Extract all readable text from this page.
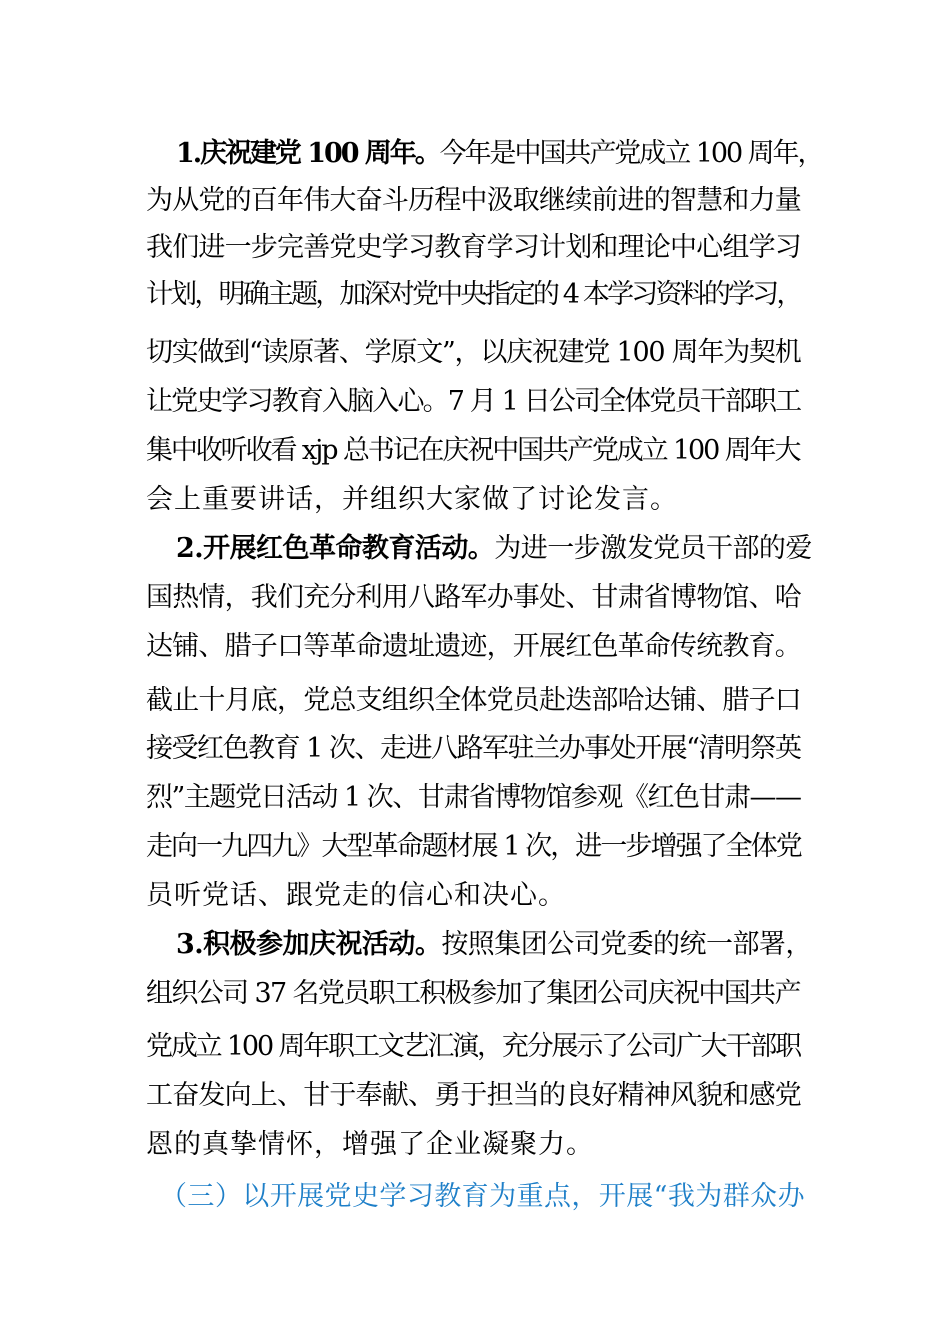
1.庆祝建党 100 周年。今年是中国共产党成立 100 周年，
为从党的百年伟大奋斗历程中汲取继续前进的智慧和力量
我们进一步完善党史学习教育学习计划和理论中心组学习
计划，明确主题，加深对党中央指定的 4 本学习资料的学习，
切实做到“读原著、学原文”，以庆祝建党 100 周年为契机
让党史学习教育入脑入心。7 月 1 日公司全体党员干部职工
集中收听收看 xjp 总书记在庆祝中国共产党成立 100 周年大
会上重要讲话，并组织大家做了讨论发言。
2.开展红色革命教育活动。为进一步激发党员干部的爱
国热情，我们充分利用八路军办事处、甘肃省博物馆、哈
达铺、腊子口等革命遗址遗迹，开展红色革命传统教育。
截止十月底，党总支组织全体党员赴迭部哈达铺、腊子口
接受红色教育 1 次、走进八路军驻兰办事处开展“清明祭英
烈”主题党日活动 1 次、甘肃省博物馆参观《红色甘肃——
走向一九四九》大型革命题材展 1 次，进一步增强了全体党
员听党话、跟党走的信心和决心。
3.积极参加庆祝活动。按照集团公司党委的统一部署，
组织公司 37 名党员职工积极参加了集团公司庆祝中国共产
党成立 100 周年职工文艺汇演，充分展示了公司广大干部职
工奋发向上、甘于奉献、勇于担当的良好精神风貌和感党
恩的真挚情怀，增强了企业凝聚力。
（三）以开展党史学习教育为重点，开展“我为群众办
